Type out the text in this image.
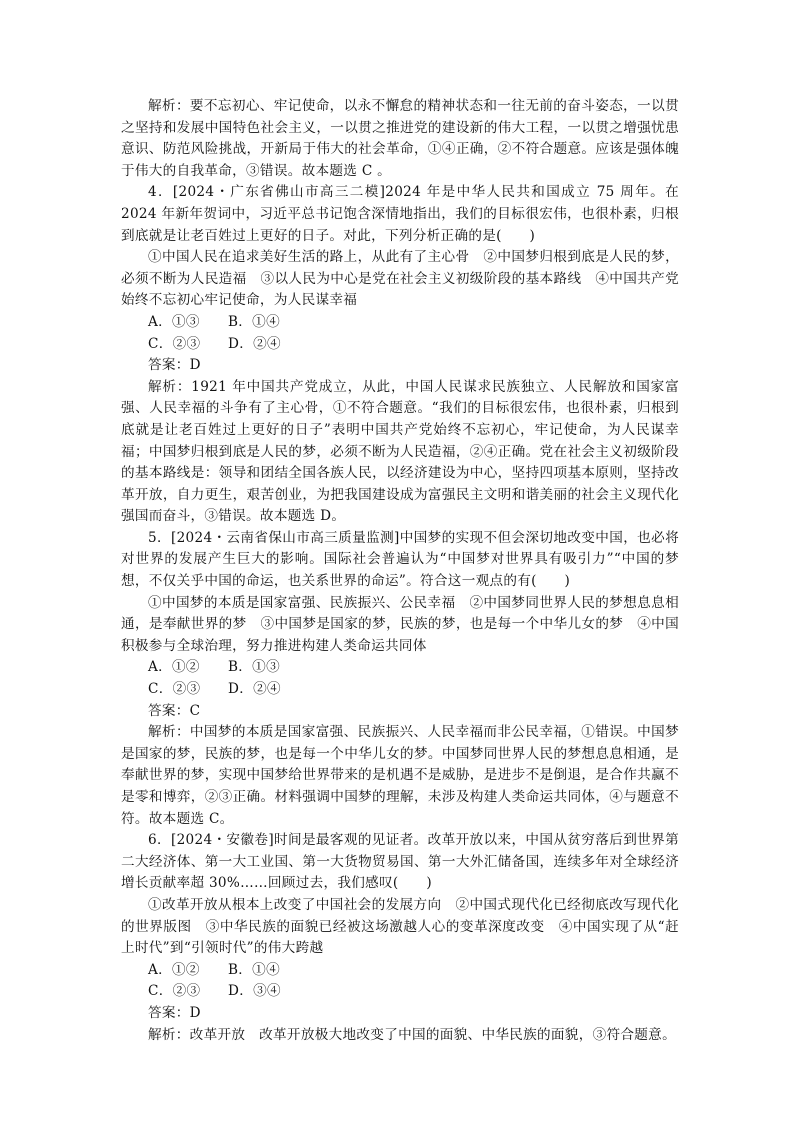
解析：要不忘初心、牢记使命，以永不懈怠的精神状态和一往无前的奋斗姿态，一以贯之坚持和发展中国特色社会主义，一以贯之推进党的建设新的伟大工程，一以贯之增强忧患意识、防范风险挑战，开新局于伟大的社会革命，①④正确，②不符合题意。应该是强体魄于伟大的自我革命，③错误。故本题选 C 。

4．[2024・广东省佛山市高三二模]2024 年是中华人民共和国成立 75 周年。在 2024 年新年贺词中，习近平总书记饱含深情地指出，我们的目标很宏伟，也很朴素，归根到底就是让老百姓过上更好的日子。对此，下列分析正确的是(　　)

①中国人民在追求美好生活的路上，从此有了主心骨　②中国梦归根到底是人民的梦，必须不断为人民造福　③以人民为中心是党在社会主义初级阶段的基本路线　④中国共产党始终不忘初心牢记使命，为人民谋幸福

A．①③ B．①④
C．②③ D．②④

答案：D

解析：1921 年中国共产党成立，从此，中国人民谋求民族独立、人民解放和国家富强、人民幸福的斗争有了主心骨，①不符合题意。“我们的目标很宏伟，也很朴素，归根到底就是让老百姓过上更好的日子”表明中国共产党始终不忘初心，牢记使命，为人民谋幸福；中国梦归根到底是人民的梦，必须不断为人民造福，②④正确。党在社会主义初级阶段的基本路线是：领导和团结全国各族人民，以经济建设为中心，坚持四项基本原则，坚持改革开放，自力更生，艰苦创业，为把我国建设成为富强民主文明和谐美丽的社会主义现代化强国而奋斗，③错误。故本题选 D。

5．[2024・云南省保山市高三质量监测]中国梦的实现不但会深切地改变中国，也必将对世界的发展产生巨大的影响。国际社会普遍认为“中国梦对世界具有吸引力”“中国的梦想，不仅关乎中国的命运，也关系世界的命运”。符合这一观点的有(　　)

①中国梦的本质是国家富强、民族振兴、公民幸福　②中国梦同世界人民的梦想息息相通，是奉献世界的梦　③中国梦是国家的梦，民族的梦，也是每一个中华儿女的梦　④中国积极参与全球治理，努力推进构建人类命运共同体

A．①② B．①③
C．②③ D．②④

答案：C

解析：中国梦的本质是国家富强、民族振兴、人民幸福而非公民幸福，①错误。中国梦是国家的梦，民族的梦，也是每一个中华儿女的梦。中国梦同世界人民的梦想息息相通，是奉献世界的梦，实现中国梦给世界带来的是机遇不是威胁，是进步不是倒退，是合作共赢不是零和博弈，②③正确。材料强调中国梦的理解，未涉及构建人类命运共同体，④与题意不符。故本题选 C。

6．[2024・安徽卷]时间是最客观的见证者。改革开放以来，中国从贫穷落后到世界第二大经济体、第一大工业国、第一大货物贸易国、第一大外汇储备国，连续多年对全球经济增长贡献率超 30%……回顾过去，我们感叹(　　)

①改革开放从根本上改变了中国社会的发展方向　②中国式现代化已经彻底改写现代化的世界版图　③中华民族的面貌已经被这场激越人心的变革深度改变　④中国实现了从“赶上时代”到“引领时代”的伟大跨越

A．①② B．①④
C．②③ D．③④

答案：D

解析：改革开放　改革开放极大地改变了中国的面貌、中华民族的面貌，③符合题意。
